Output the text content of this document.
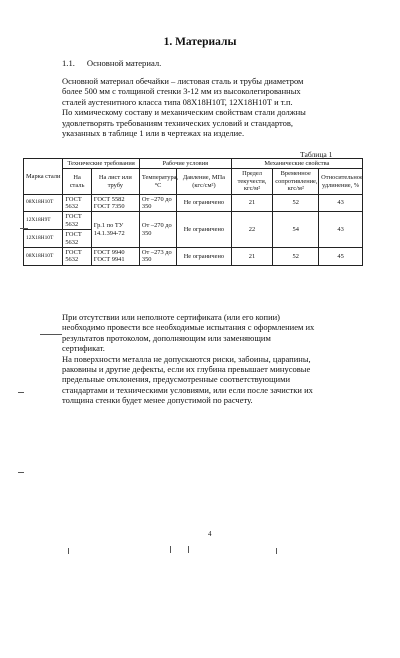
1. Материалы
1.1. Основной материал.

Основной материал обечайки – листовая сталь и трубы диаметром

более 500 мм с толщиной стенки 3-12 мм из высоколегированных

сталей аустенитного класса типа 08Х18Н10Т, 12Х18Н10Т и т.п.

По химическому составу и механическим свойствам стали должны

удовлетворять требованиям технических условий и стандартов,

указанных в таблице 1 или в чертежах на изделие.

Таблица 1
Марка стали	Технические требования		Рабочие условия		Механические свойства		
	На сталь	На лист или трубу	Температура, °С	Давление, МПа (кгс/см²)	Предел текучести, кгс/м²	Временное сопротивление, кгс/м²	Относительное удлинение, %
08Х18Н10Т	ГОСТ 5632	ГОСТ 5582 ГОСТ 7350	От –270 до 350	Не ограничено	21	52	43
12Х18Н9Т	ГОСТ 5632	Гр.1 по ТУ 14.1.394-72	От –270 до 350	Не ограничено	22	54	43
12Х18Н10Т	ГОСТ 5632						
08Х18Н10Т	ГОСТ 5632	ГОСТ 9940 ГОСТ 9941	От –273 до 350	Не ограничено	21	52	45

При отсутствии или неполноте сертификата (или его копии)

необходимо провести все необходимые испытания с оформлением их

результатов протоколом, дополняющим или заменяющим

сертификат.

На поверхности металла не допускаются риски, забоины, царапины,

раковины и другие дефекты, если их глубина превышает минусовые

предельные отклонения, предусмотренные соответствующими

стандартами и техническими условиями, или если после зачистки их

толщина стенки будет менее допустимой по расчету.

4
